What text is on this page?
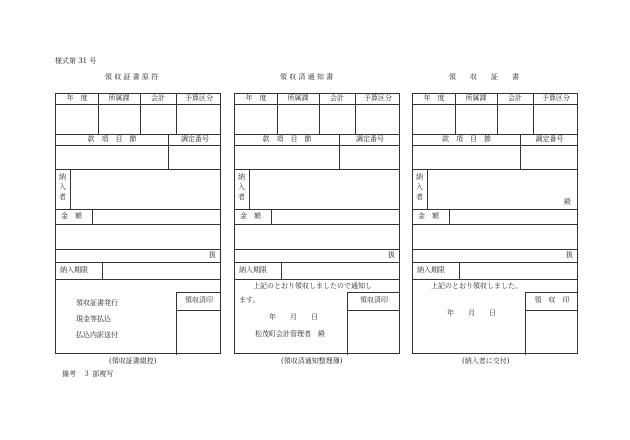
様式第 31 号
備考　３ 部複写
領 収 証 書 原 符
年　度	所属課	会計	予算区分
款　項　目　節	調定番号
納入者
金　額
扱
納入期限
領収証書発行
現金等払込
払込内訳送付
領収済印
(領収証書綴控)
領 収 済 通 知 書
年　度	所属課	会計	予算区分
款　項　目　節	調定番号
納入者
金　額
扱
納入期限
上記のとおり領収しましたので通知し
ます。
年　　月　　日
松茂町会計管理者　殿
領収済印
(領収済通知整理簿)
領　　収　　証　　書
年　度	所属課	会計	予算区分
款　項　目　節	調定番号
納入者
殿
金　額
扱
納入期限
上記のとおり領収しました。
年　　月　　日
領　収　印
(納入者に交付)
